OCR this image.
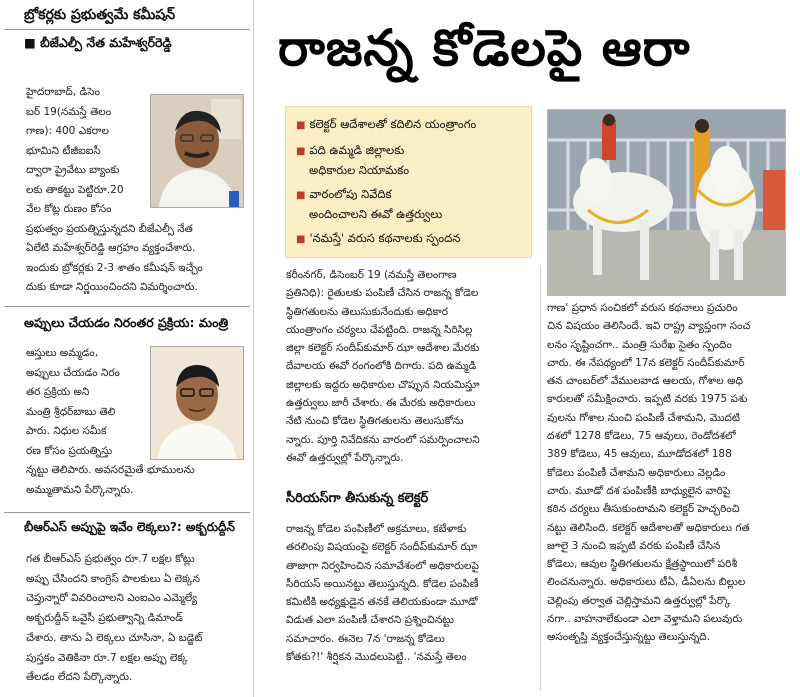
బ్రోకర్లకు ప్రభుత్వమే కమీషన్
■ బీజేఎల్పీ నేత మహేశ్వర్‌రెడ్డి
హైదరాబాద్, డిసెం
బర్ 19(నమస్తే తెలం
గాణ): 400 ఎకరాల
భూమిని టీజీఐఐసీ
ద్వారా ప్రైవేటు బ్యాంకు
లకు తాకట్టు పెట్టిరూ.20
వేల కోట్ల రుణం కోసం
ప్రభుత్వం ప్రయత్నిస్తున్నదని బీజేఎల్పీ నేత
ఏలేటి మహేశ్వర్‌రెడ్డి ఆగ్రహం వ్యక్తంచేశారు.
ఇందుకు బ్రోకర్లకు 2-3 శాతం కమీషన్ ఇచ్చేం
దుకు కూడా నిర్ణయించిందని విమర్శించారు.
అప్పులు చేయడం నిరంతర ప్రక్రియ: మంత్రి
ఆస్తులు అమ్మడం,
అప్పులు చేయడం నిరం
తర ప్రక్రియ అని
మంత్రి శ్రీధర్‌బాబు తెలి
పారు. నిధుల సమీక
రణ కోసం ప్రయత్నిస్తు
న్నట్టు తెలిపారు. అవసరమైతే భూములను
అమ్ముతామని పేర్కొన్నారు.
బీఆర్‌ఎస్ అప్పుపై ఇవేం లెక్కలు?: అక్బరుద్దీన్
గత బీఆర్‌ఎస్ ప్రభుత్వం రూ.7 లక్షల కోట్లు
అప్పు చేసిందని కాంగ్రెస్ పాలకులు ఏ లెక్కన
చెప్తున్నారో వివరించాలని ఎంఐఎం ఎమ్మెల్యే
అక్బరుద్దీన్ ఒవైసీ ప్రభుత్వాన్ని డిమాండ్
చేశారు. తాను ఏ లెక్కలు చూసినా, ఏ బడ్జెట్
పుస్తకం వెతికినా రూ.7 లక్షల అప్పు లెక్క
తేలడం లేదని పేర్కొన్నారు.
రాజన్న కోడెలపై ఆరా
■ కలెక్టర్ ఆదేశాలతో కదిలిన యంత్రాంగం
■ పది ఉమ్మడి జిల్లాలకు
అధికారుల నియామకం
■ వారంలోపు నివేదిక
అందించాలని ఈవో ఉత్తర్వులు
■ 'నమస్తే' వరుస కథనాలకు స్పందన
కరీంనగర్, డిసెంబర్ 19 (నమస్తే తెలంగాణ
ప్రతినిధి): రైతులకు పంపిణీ చేసిన రాజన్న కోడెల
స్థితిగతులను తెలుసుకునేందుకు అధికార
యంత్రాంగం చర్యలు చేపట్టింది. రాజన్న సిరిసిల్ల
జిల్లా కలెక్టర్ సందీప్‌కుమార్ ఝా ఆదేశాల మేరకు
దేవాలయ ఈవో రంగంలోకి దిగారు. పది ఉమ్మడి
జిల్లాలకు ఇద్దరు అధికారుల చొప్పున నియమిస్తూ
ఉత్తర్వులు జారీ చేశారు. ఈ మేరకు అధికారులు
నేటి నుంచి కోడెల స్థితిగతులను తెలుసుకోను
న్నారు. పూర్తి నివేదికను వారంలో సమర్పించాలని
ఈవో ఉత్తర్వుల్లో పేర్కొన్నారు.
సీరియస్‌గా తీసుకున్న కలెక్టర్
రాజన్న కోడెల పంపిణీలో అక్రమాలు, కబేళాకు
తరలింపు విషయంపై కలెక్టర్ సందీప్‌కుమార్ ఝా
తాజాగా నిర్వహించిన సమావేశంలో అధికారులపై
సీరియస్ అయినట్టు తెలుస్తున్నది. కోడెల పంపిణీ
కమిటీకి అధ్యక్షుడైన తనకే తెలియకుండా మూడో
విడుత ఎలా పంపిణీ చేశారని ప్రశ్నించినట్టు
సమాచారం. ఈనెల 7న 'రాజన్న కోడెలు
కోతకు?!' శీర్షికన మొదలుపెట్టి.. 'నమస్తే తెలం
గాణ' ప్రధాన సంచికలో వరుస కథనాలు ప్రచురిం
చిన విషయం తెలిసిందే. ఇవి రాష్ట్ర వ్యాప్తంగా సంచ
లనం సృష్టించగా.. మంత్రి సురేఖ సైతం స్పందిం
చారు. ఈ నేపథ్యంలో 17న కలెక్టర్ సందీప్‌కుమార్
తన చాంబర్‌లో వేములవాడ ఆలయ, గోశాల అధి
కారులతో సమీక్షించారు. ఇప్పటి వరకు 1975 పశు
వులను గోశాల నుంచి పంపిణీ చేశామని, మొదటి
దశలో 1278 కోడెలు, 75 ఆవులు, రెండోదశలో
389 కోడెలు, 45 ఆవులు, మూడోదశలో 188
కోడెలు పంపిణీ చేశామని అధికారులు వెల్లడిం
చారు. మూడో దశ పంపిణీకి బాధ్యులైన వారిపై
కఠిన చర్యలు తీసుకుంటామని కలెక్టర్ హెచ్చరించి
నట్టు తెలిసింది. కలెక్టర్ ఆదేశాలతో అధికారులు గత
జూలై 3 నుంచి ఇప్పటి వరకు పంపిణీ చేసిన
కోడెలు, ఆవుల స్థితిగతులను క్షేత్రస్థాయిలో పరిశీ
లించనున్నారు. అధికారులు టీఏ, డీఏలను బిల్లుల
చెల్లింపు తర్వాత చెల్లిస్తామని ఉత్తర్వుల్లో పేర్కొ
నగా.. వాహనాలేకుండా ఎలా వెళ్తామని పలువురు
అసంతృప్తి వ్యక్తంచేస్తున్నట్టు తెలుస్తున్నది.
